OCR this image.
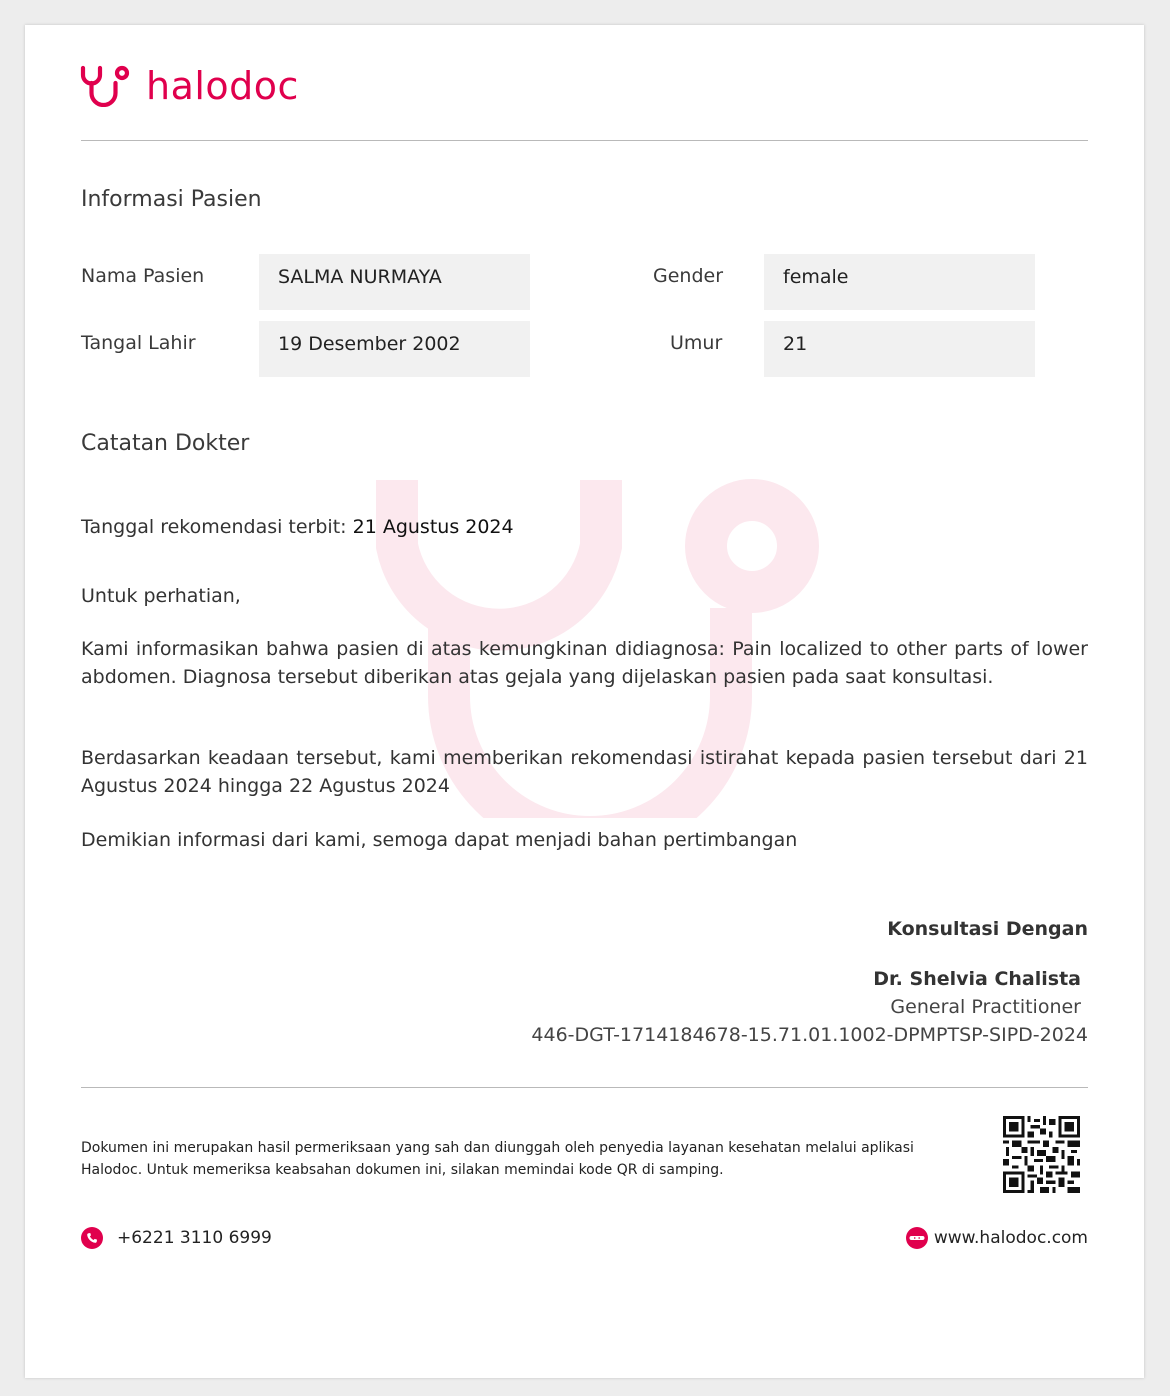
halodoc
Informasi Pasien
Nama Pasien	SALMA NURMAYA	Gender	female
Tangal Lahir	19 Desember 2002	Umur	21
Catatan Dokter
Tanggal rekomendasi terbit: 21 Agustus 2024
Untuk perhatian,
Kami informasikan bahwa pasien di atas kemungkinan didiagnosa: Pain localized to other parts of lower abdomen. Diagnosa tersebut diberikan atas gejala yang dijelaskan pasien pada saat konsultasi.
Berdasarkan keadaan tersebut, kami memberikan rekomendasi istirahat kepada pasien tersebut dari 21 Agustus 2024 hingga 22 Agustus 2024
Demikian informasi dari kami, semoga dapat menjadi bahan pertimbangan
Konsultasi Dengan
Dr. Shelvia Chalista
General Practitioner
446-DGT-1714184678-15.71.01.1002-DPMPTSP-SIPD-2024
Dokumen ini merupakan hasil permeriksaan yang sah dan diunggah oleh penyedia layanan kesehatan melalui aplikasi Halodoc. Untuk memeriksa keabsahan dokumen ini, silakan memindai kode QR di samping.
+6221 3110 6999	www.halodoc.com
